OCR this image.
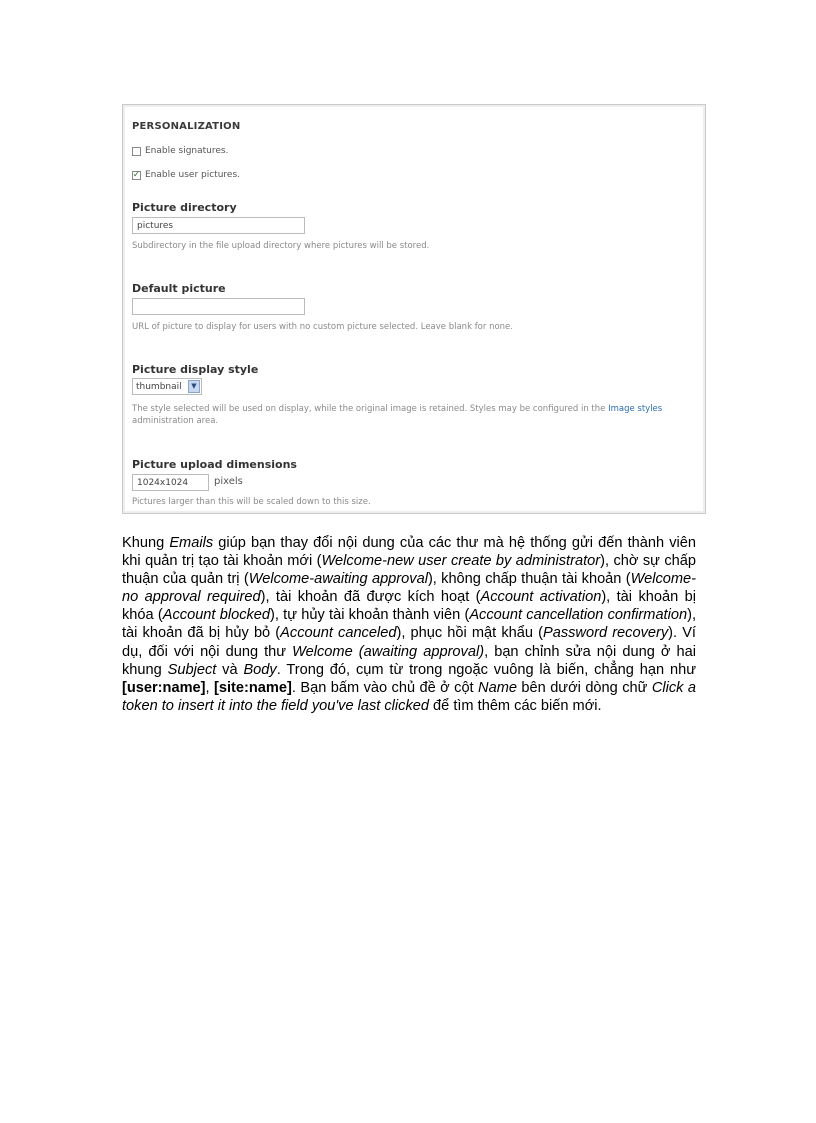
PERSONALIZATION
Enable signatures.
✓ Enable user pictures.
Picture directory
pictures
Subdirectory in the file upload directory where pictures will be stored.
Default picture
URL of picture to display for users with no custom picture selected. Leave blank for none.
Picture display style
thumbnail	▼
The style selected will be used on display, while the original image is retained. Styles may be configured in the Image styles
administration area.
Picture upload dimensions
1024x1024	pixels
Pictures larger than this will be scaled down to this size.
Khung Emails giúp bạn thay đổi nội dung của các thư mà hệ thống gửi đến thành viên
khi quản trị tạo tài khoản mới (Welcome-new user create by administrator), chờ sự chấp
thuận của quản trị (Welcome-awaiting approval), không chấp thuận tài khoản (Welcome-
no approval required), tài khoản đã được kích hoạt (Account activation), tài khoản bị
khóa (Account blocked), tự hủy tài khoản thành viên (Account cancellation confirmation),
tài khoản đã bị hủy bỏ (Account canceled), phục hồi mật khẩu (Password recovery). Ví
dụ, đối với nội dung thư Welcome (awaiting approval), bạn chỉnh sửa nội dung ở hai
khung Subject và Body. Trong đó, cụm từ trong ngoặc vuông là biến, chẳng hạn như
[user:name], [site:name]. Bạn bấm vào chủ đề ở cột Name bên dưới dòng chữ Click a
token to insert it into the field you've last clicked để tìm thêm các biến mới.
